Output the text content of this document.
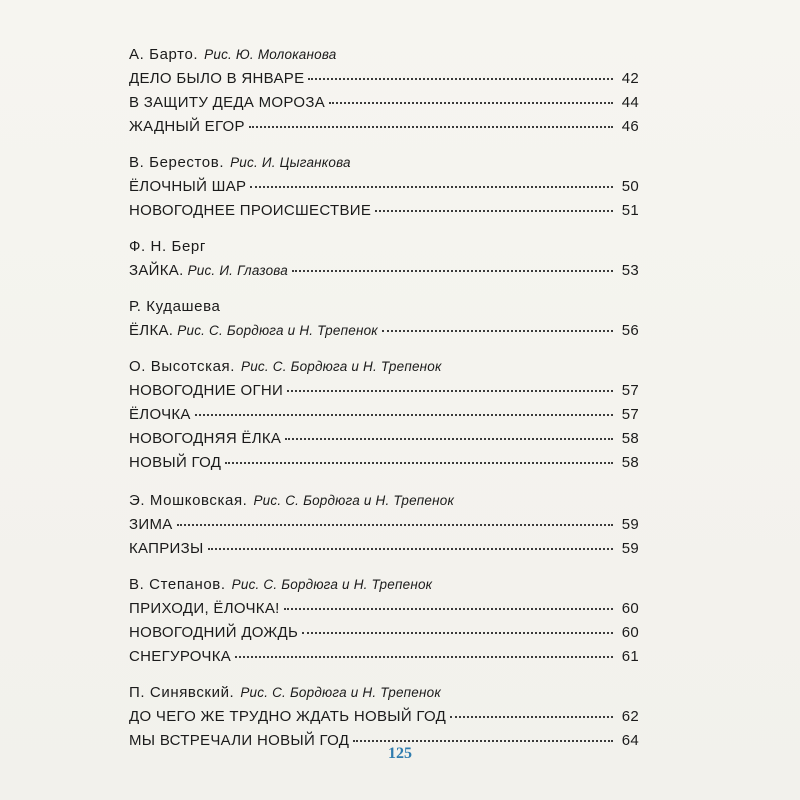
А. Барто. Рис. Ю. Молоканова
ДЕЛО БЫЛО В ЯНВАРЕ	42
В ЗАЩИТУ ДЕДА МОРОЗА	44
ЖАДНЫЙ ЕГОР	46
В. Берестов. Рис. И. Цыганкова
ЁЛОЧНЫЙ ШАР	50
НОВОГОДНЕЕ ПРОИСШЕСТВИЕ	51
Ф. Н. Берг
ЗАЙКА. Рис. И. Глазова	53
Р. Кудашева
ЁЛКА. Рис. С. Бордюга и Н. Трепенок	56
О. Высотская. Рис. С. Бордюга и Н. Трепенок
НОВОГОДНИЕ ОГНИ	57
ЁЛОЧКА	57
НОВОГОДНЯЯ ЁЛКА	58
НОВЫЙ ГОД	58
Э. Мошковская. Рис. С. Бордюга и Н. Трепенок
ЗИМА	59
КАПРИЗЫ	59
В. Степанов. Рис. С. Бордюга и Н. Трепенок
ПРИХОДИ, ЁЛОЧКА!	60
НОВОГОДНИЙ ДОЖДЬ	60
СНЕГУРОЧКА	61
П. Синявский. Рис. С. Бордюга и Н. Трепенок
ДО ЧЕГО ЖЕ ТРУДНО ЖДАТЬ НОВЫЙ ГОД	62
МЫ ВСТРЕЧАЛИ НОВЫЙ ГОД	64
125
